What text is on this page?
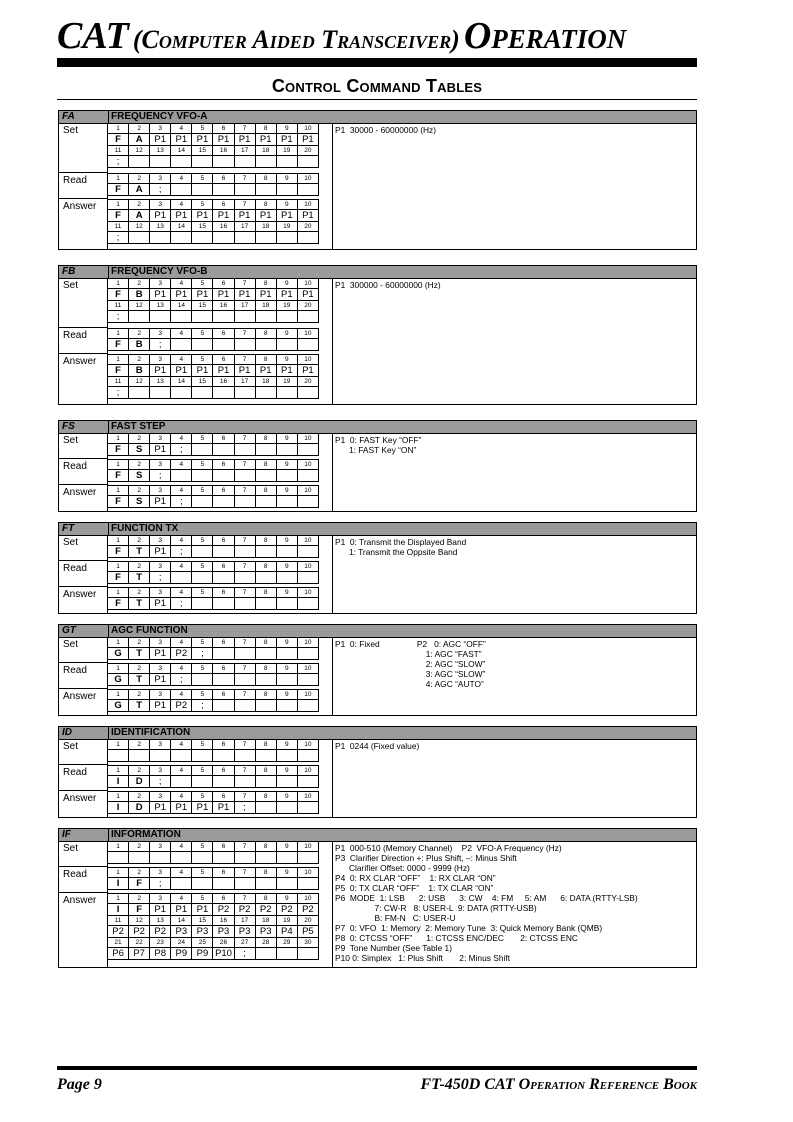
CAT (Computer Aided Transceiver) Operation
Control Command Tables
FA	FREQUENCY VFO-A
Set	1	2	3	4	5	6	7	8	9	10
F	A	P1	P1	P1	P1	P1	P1	P1	P1
11	12	13	14	15	16	17	18	19	20
;									
Read	1	2	3	4	5	6	7	8	9	10
F	A	;							
Answer	1	2	3	4	5	6	7	8	9	10
F	A	P1	P1	P1	P1	P1	P1	P1	P1
11	12	13	14	15	16	17	18	19	20
;									
P1  30000 - 60000000 (Hz)
FB	FREQUENCY VFO-B
Set	1	2	3	4	5	6	7	8	9	10
F	B	P1	P1	P1	P1	P1	P1	P1	P1
11	12	13	14	15	16	17	18	19	20
;									
Read	1	2	3	4	5	6	7	8	9	10
F	B	;							
Answer	1	2	3	4	5	6	7	8	9	10
F	B	P1	P1	P1	P1	P1	P1	P1	P1
11	12	13	14	15	16	17	18	19	20
;									
P1  300000 - 60000000 (Hz)
FS	FAST STEP
Set	1	2	3	4	5	6	7	8	9	10
F	S	P1	;						
Read	1	2	3	4	5	6	7	8	9	10
F	S	;							
Answer	1	2	3	4	5	6	7	8	9	10
F	S	P1	;						
P1  0: FAST Key “OFF”
1: FAST Key “ON”
FT	FUNCTION TX
Set	1	2	3	4	5	6	7	8	9	10
F	T	P1	;						
Read	1	2	3	4	5	6	7	8	9	10
F	T	;							
Answer	1	2	3	4	5	6	7	8	9	10
F	T	P1	;						
P1  0: Transmit the Displayed Band
1: Transmit the Oppsite Band
GT	AGC FUNCTION
Set	1	2	3	4	5	6	7	8	9	10
G	T	P1	P2	;					
Read	1	2	3	4	5	6	7	8	9	10
G	T	P1	;						
Answer	1	2	3	4	5	6	7	8	9	10
G	T	P1	P2	;					
P1  0: Fixed                P2   0: AGC “OFF”
1: AGC “FAST”
2: AGC “SLOW”
3: AGC “SLOW”
4: AGC “AUTO”
ID	IDENTIFICATION
Set	1	2	3	4	5	6	7	8	9	10

Read	1	2	3	4	5	6	7	8	9	10
I	D	;							
Answer	1	2	3	4	5	6	7	8	9	10
I	D	P1	P1	P1	P1	;			
P1  0244 (Fixed value)
IF	INFORMATION
Set	1	2	3	4	5	6	7	8	9	10

Read	1	2	3	4	5	6	7	8	9	10
I	F	;							
Answer	1	2	3	4	5	6	7	8	9	10
I	F	P1	P1	P1	P2	P2	P2	P2	P2
11	12	13	14	15	16	17	18	19	20
P2	P2	P2	P3	P3	P3	P3	P3	P4	P5
21	22	23	24	25	26	27	28	29	30
P6	P7	P8	P9	P9	P10	;			
P1  000-510 (Memory Channel)    P2  VFO-A Frequency (Hz)
P3  Clarifier Direction +: Plus Shift, –: Minus Shift
Clarifier Offset: 0000 - 9999 (Hz)
P4  0: RX CLAR “OFF”    1: RX CLAR “ON”
P5  0: TX CLAR “OFF”    1: TX CLAR “ON”
P6  MODE  1: LSB      2: USB      3: CW    4: FM     5: AM      6: DATA (RTTY-LSB)
7: CW-R   8: USER-L  9: DATA (RTTY-USB)
B: FM-N   C: USER-U
P7  0: VFO  1: Memory  2: Memory Tune  3: Quick Memory Bank (QMB)
P8  0: CTCSS “OFF”      1: CTCSS ENC/DEC       2: CTCSS ENC
P9  Tone Number (See Table 1)
P10 0: Simplex   1: Plus Shift       2: Minus Shift
Page 9	FT-450D CAT Operation Reference Book
